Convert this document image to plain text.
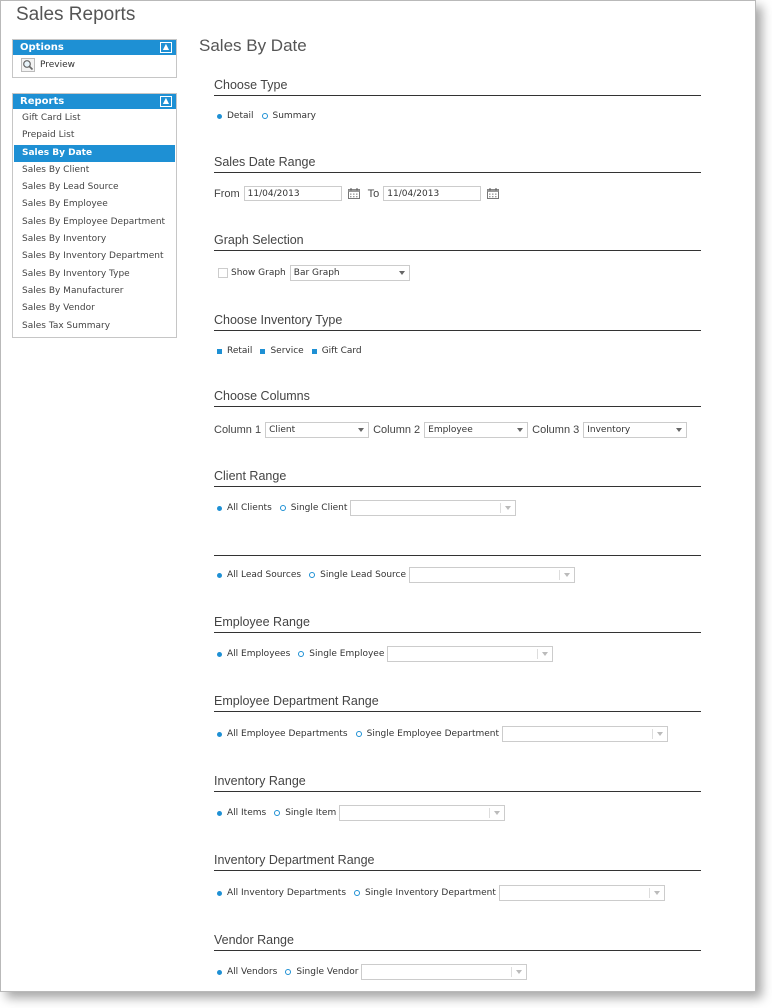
Sales Reports
Options	▲
Preview
Reports	▲
Gift Card List
Prepaid List
Sales By Date
Sales By Client
Sales By Lead Source
Sales By Employee
Sales By Employee Department
Sales By Inventory
Sales By Inventory Department
Sales By Inventory Type
Sales By Manufacturer
Sales By Vendor
Sales Tax Summary
Sales By Date
Choose Type
Detail Summary
Sales Date Range
From 11/04/2013	To 11/04/2013
Graph Selection
Show Graph Bar Graph
Choose Inventory Type
Retail Service Gift Card
Choose Columns
Column 1 Client	Column 2 Employee	Column 3 Inventory
Client Range
All Clients Single Client
All Lead Sources Single Lead Source
Employee Range
All Employees Single Employee
Employee Department Range
All Employee Departments Single Employee Department
Inventory Range
All Items Single Item
Inventory Department Range
All Inventory Departments Single Inventory Department
Vendor Range
All Vendors Single Vendor
